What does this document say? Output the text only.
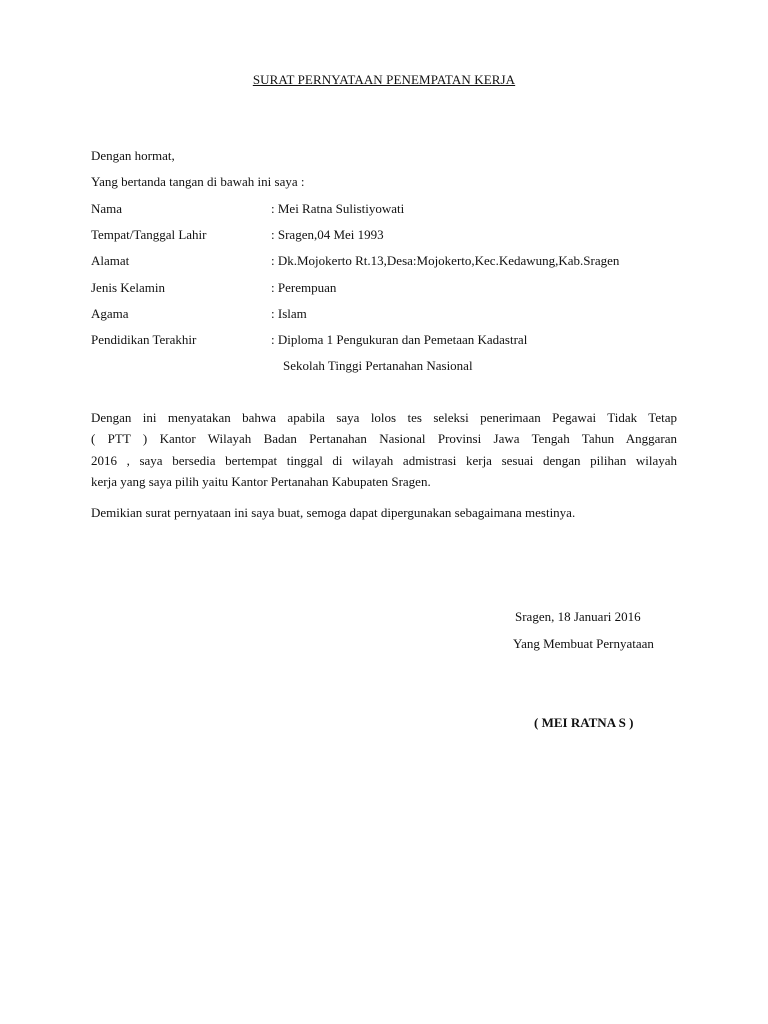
SURAT PERNYATAAN PENEMPATAN KERJA
Dengan hormat,
Yang bertanda tangan di bawah ini saya :
Nama	: Mei Ratna Sulistiyowati
Tempat/Tanggal Lahir	: Sragen,04 Mei 1993
Alamat	: Dk.Mojokerto Rt.13,Desa:Mojokerto,Kec.Kedawung,Kab.Sragen
Jenis Kelamin	: Perempuan
Agama	: Islam
Pendidikan Terakhir	: Diploma 1 Pengukuran dan Pemetaan Kadastral
Sekolah Tinggi Pertanahan Nasional
Dengan ini menyatakan bahwa apabila saya lolos tes seleksi penerimaan Pegawai Tidak Tetap
( PTT ) Kantor Wilayah Badan Pertanahan Nasional Provinsi Jawa Tengah Tahun Anggaran
2016 , saya bersedia bertempat tinggal di wilayah admistrasi kerja sesuai dengan pilihan wilayah
kerja yang saya pilih yaitu Kantor Pertanahan Kabupaten Sragen.
Demikian surat pernyataan ini saya buat, semoga dapat dipergunakan sebagaimana mestinya.
Sragen, 18 Januari 2016
Yang Membuat Pernyataan
( MEI RATNA S )
